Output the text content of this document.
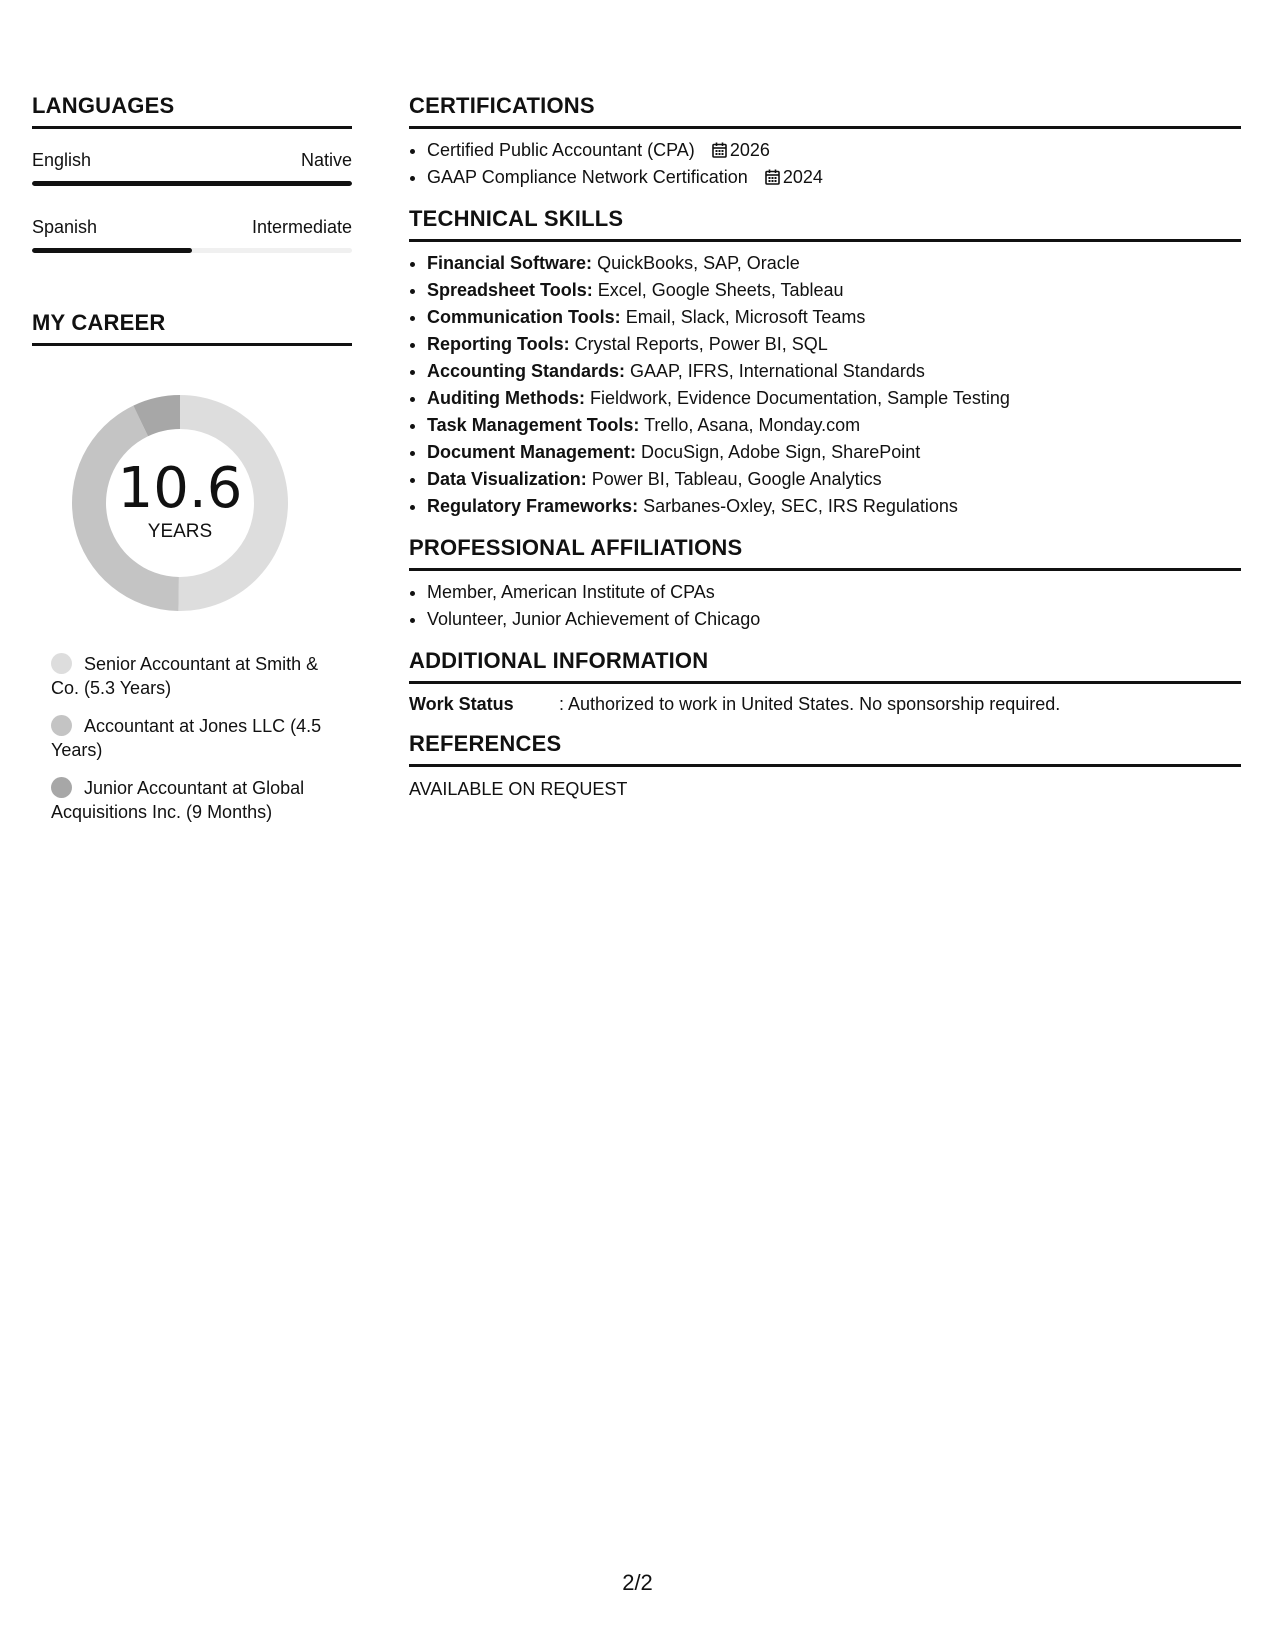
LANGUAGES
English	Native
Spanish	Intermediate
MY CAREER
10.6
YEARS
Senior Accountant at Smith & Co. (5.3 Years)
Accountant at Jones LLC (4.5 Years)
Junior Accountant at Global Acquisitions Inc. (9 Months)
CERTIFICATIONS
• Certified Public Accountant (CPA) 2026
• GAAP Compliance Network Certification 2024
TECHNICAL SKILLS
• Financial Software: QuickBooks, SAP, Oracle
• Spreadsheet Tools: Excel, Google Sheets, Tableau
• Communication Tools: Email, Slack, Microsoft Teams
• Reporting Tools: Crystal Reports, Power BI, SQL
• Accounting Standards: GAAP, IFRS, International Standards
• Auditing Methods: Fieldwork, Evidence Documentation, Sample Testing
• Task Management Tools: Trello, Asana, Monday.com
• Document Management: DocuSign, Adobe Sign, SharePoint
• Data Visualization: Power BI, Tableau, Google Analytics
• Regulatory Frameworks: Sarbanes-Oxley, SEC, IRS Regulations
PROFESSIONAL AFFILIATIONS
• Member, American Institute of CPAs
• Volunteer, Junior Achievement of Chicago
ADDITIONAL INFORMATION
Work Status	: Authorized to work in United States. No sponsorship required.
REFERENCES
AVAILABLE ON REQUEST
2/2
